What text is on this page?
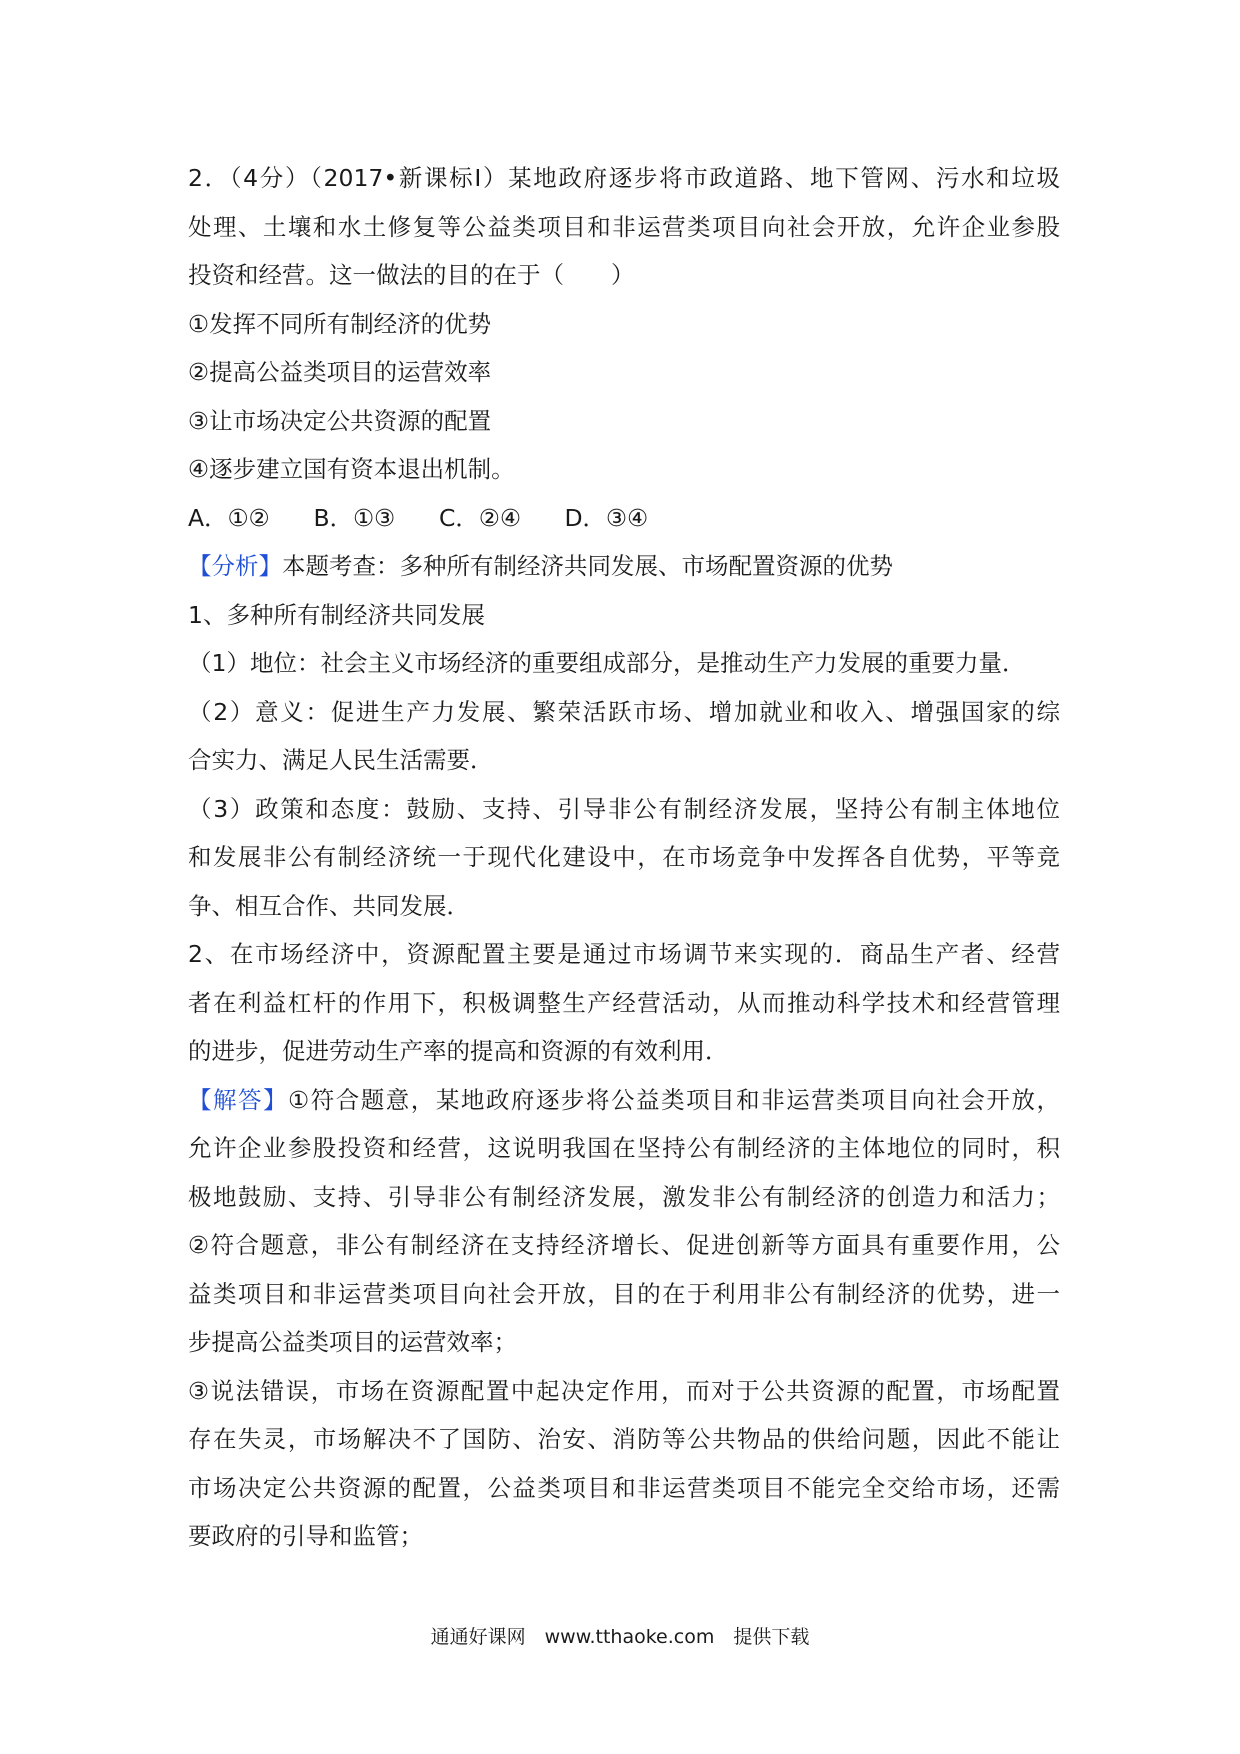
2．（4分）（2017•新课标Ⅰ）某地政府逐步将市政道路、地下管网、污水和垃圾
处理、土壤和水土修复等公益类项目和非运营类项目向社会开放，允许企业参股
投资和经营。这一做法的目的在于（　　）
①发挥不同所有制经济的优势
②提高公益类项目的运营效率
③让市场决定公共资源的配置
④逐步建立国有资本退出机制。
A．①② B．①③ C．②④ D．③④
【分析】本题考查：多种所有制经济共同发展、市场配置资源的优势
1、多种所有制经济共同发展
（1）地位：社会主义市场经济的重要组成部分，是推动生产力发展的重要力量．
（2）意义：促进生产力发展、繁荣活跃市场、增加就业和收入、增强国家的综
合实力、满足人民生活需要．
（3）政策和态度：鼓励、支持、引导非公有制经济发展，坚持公有制主体地位
和发展非公有制经济统一于现代化建设中，在市场竞争中发挥各自优势，平等竞
争、相互合作、共同发展．
2、在市场经济中，资源配置主要是通过市场调节来实现的．商品生产者、经营
者在利益杠杆的作用下，积极调整生产经营活动，从而推动科学技术和经营管理
的进步，促进劳动生产率的提高和资源的有效利用．
【解答】①符合题意，某地政府逐步将公益类项目和非运营类项目向社会开放，
允许企业参股投资和经营，这说明我国在坚持公有制经济的主体地位的同时，积
极地鼓励、支持、引导非公有制经济发展，激发非公有制经济的创造力和活力；
②符合题意，非公有制经济在支持经济增长、促进创新等方面具有重要作用，公
益类项目和非运营类项目向社会开放，目的在于利用非公有制经济的优势，进一
步提高公益类项目的运营效率；
③说法错误，市场在资源配置中起决定作用，而对于公共资源的配置，市场配置
存在失灵，市场解决不了国防、治安、消防等公共物品的供给问题，因此不能让
市场决定公共资源的配置，公益类项目和非运营类项目不能完全交给市场，还需
要政府的引导和监管；
通通好课网　www.tthaoke.com　提供下载
